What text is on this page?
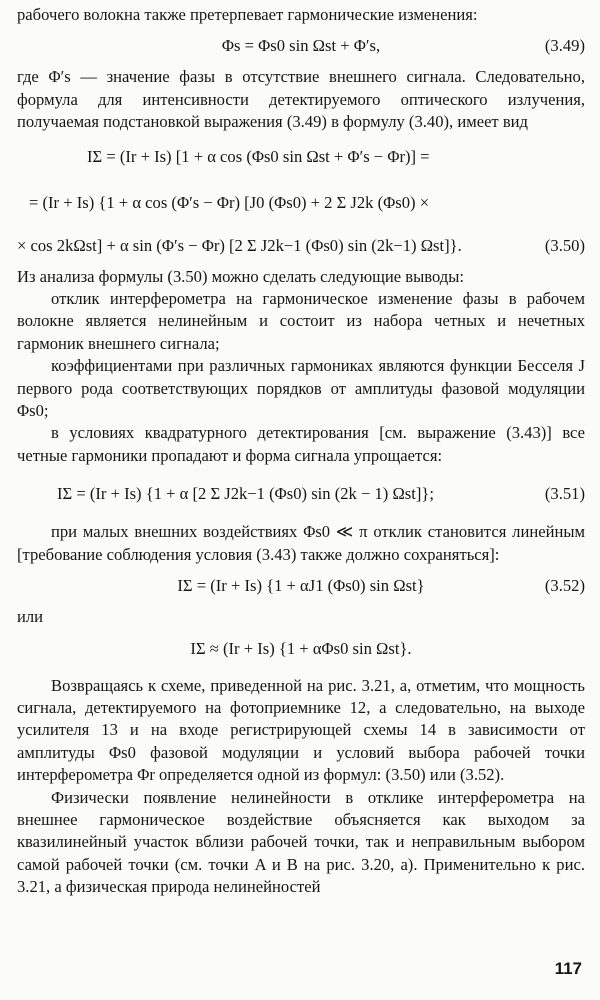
рабочего волокна также претерпевает гармонические изменения:

Φs = Φs0 sin Ωst + Φ′s,	(3.49)

где Φ′s — значение фазы в отсутствие внешнего сигнала. Следовательно, формула для интенсивности детектируемого оптического излучения, получаемая подстановкой выражения (3.49) в формулу (3.40), имеет вид

IΣ = (Ir + Is) [1 + α cos (Φs0 sin Ωst + Φ′s − Φr)] =
= (Ir + Is) {1 + α cos (Φ′s − Φr) [J0 (Φs0) + 2 Σ J2k (Φs0) ×
× cos 2kΩst] + α sin (Φ′s − Φr) [2 Σ J2k−1 (Φs0) sin (2k−1) Ωst]}.	(3.50)

Из анализа формулы (3.50) можно сделать следующие выводы:

отклик интерферометра на гармоническое изменение фазы в рабочем волокне является нелинейным и состоит из набора четных и нечетных гармоник внешнего сигнала;

коэффициентами при различных гармониках являются функции Бесселя J первого рода соответствующих порядков от амплитуды фазовой модуляции Φs0;

в условиях квадратурного детектирования [см. выражение (3.43)] все четные гармоники пропадают и форма сигнала упрощается:

IΣ = (Ir + Is) {1 + α [2 Σ J2k−1 (Φs0) sin (2k − 1) Ωst]};	(3.51)

при малых внешних воздействиях Φs0 ≪ π отклик становится линейным [требование соблюдения условия (3.43) также должно сохраняться]:

IΣ = (Ir + Is) {1 + αJ1 (Φs0) sin Ωst}	(3.52)

или

IΣ ≈ (Ir + Is) {1 + αΦs0 sin Ωst}.

Возвращаясь к схеме, приведенной на рис. 3.21, а, отметим, что мощность сигнала, детектируемого на фотоприемнике 12, а следовательно, на выходе усилителя 13 и на входе регистрирующей схемы 14 в зависимости от амплитуды Φs0 фазовой модуляции и условий выбора рабочей точки интерферометра Φr определяется одной из формул: (3.50) или (3.52).

Физически появление нелинейности в отклике интерферометра на внешнее гармоническое воздействие объясняется как выходом за квазилинейный участок вблизи рабочей точки, так и неправильным выбором самой рабочей точки (см. точки A и B на рис. 3.20, а). Применительно к рис. 3.21, а физическая природа нелинейностей

117
